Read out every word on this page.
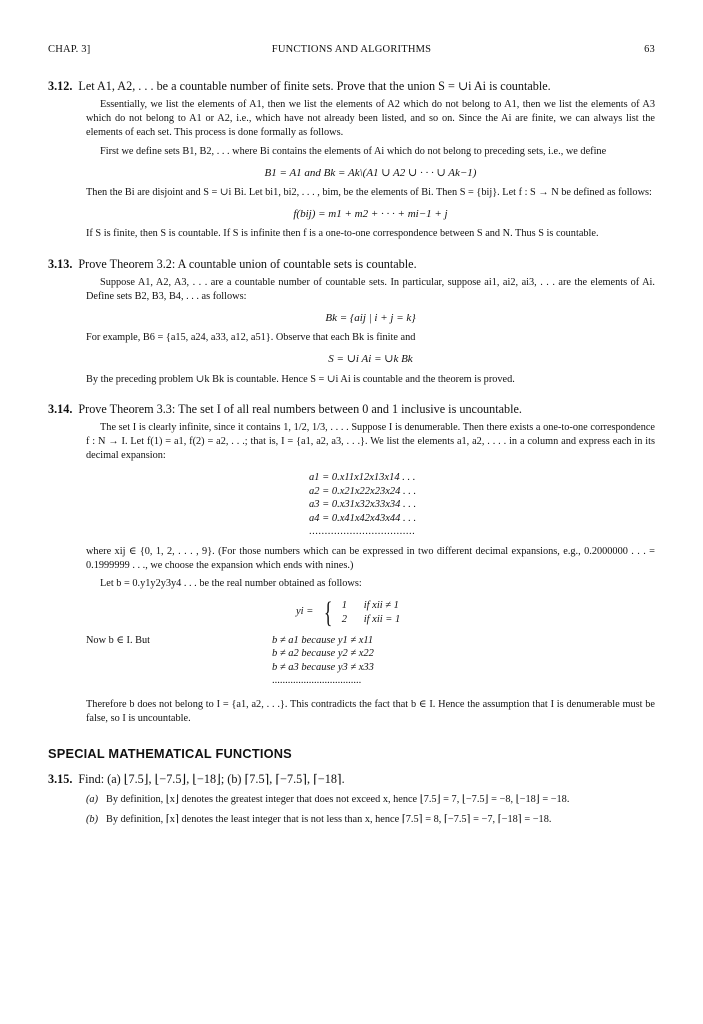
CHAP. 3]	FUNCTIONS AND ALGORITHMS	63
3.12. Let A1, A2, . . . be a countable number of finite sets. Prove that the union S = ∪i Ai is countable.

Essentially, we list the elements of A1, then we list the elements of A2 which do not belong to A1, then we list the elements of A3 which do not belong to A1 or A2, i.e., which have not already been listed, and so on. Since the Ai are finite, we can always list the elements of each set. This process is done formally as follows.

First we define sets B1, B2, . . . where Bi contains the elements of Ai which do not belong to preceding sets, i.e., we define

B1 = A1 and Bk = Ak\(A1 ∪ A2 ∪ · · · ∪ Ak−1)

Then the Bi are disjoint and S = ∪i Bi. Let bi1, bi2, . . . , bim, be the elements of Bi. Then S = {bij}. Let f : S → N be defined as follows:

f(bij) = m1 + m2 + · · · + mi−1 + j

If S is finite, then S is countable. If S is infinite then f is a one-to-one correspondence between S and N. Thus S is countable.

3.13. Prove Theorem 3.2: A countable union of countable sets is countable.

Suppose A1, A2, A3, . . . are a countable number of countable sets. In particular, suppose ai1, ai2, ai3, . . . are the elements of Ai. Define sets B2, B3, B4, . . . as follows:

Bk = {aij | i + j = k}

For example, B6 = {a15, a24, a33, a12, a51}. Observe that each Bk is finite and

S = ∪i Ai = ∪k Bk

By the preceding problem ∪k Bk is countable. Hence S = ∪i Ai is countable and the theorem is proved.

3.14. Prove Theorem 3.3: The set I of all real numbers between 0 and 1 inclusive is uncountable.

The set I is clearly infinite, since it contains 1, 1/2, 1/3, . . . . Suppose I is denumerable. Then there exists a one-to-one correspondence f : N → I. Let f(1) = a1, f(2) = a2, . . .; that is, I = {a1, a2, a3, . . .}. We list the elements a1, a2, . . . . in a column and express each in its decimal expansion:

a1 = 0.x11x12x13x14 . . .
a2 = 0.x21x22x23x24 . . .
a3 = 0.x31x32x33x34 . . .
a4 = 0.x41x42x43x44 . . .
..................................

where xij ∈ {0, 1, 2, . . . , 9}. (For those numbers which can be expressed in two different decimal expansions, e.g., 0.2000000 . . . = 0.1999999 . . ., we choose the expansion which ends with nines.)

Let b = 0.y1y2y3y4 . . . be the real number obtained as follows:

yi = { 1 if xii ≠ 1
2 if xii = 1
Now b ∈ I. But	b ≠ a1 because y1 ≠ x11
b ≠ a2 because y2 ≠ x22
b ≠ a3 because y3 ≠ x33
..................................

Therefore b does not belong to I = {a1, a2, . . .}. This contradicts the fact that b ∈ I. Hence the assumption that I is denumerable must be false, so I is uncountable.

SPECIAL MATHEMATICAL FUNCTIONS
3.15. Find: (a) ⌊7.5⌋, ⌊−7.5⌋, ⌊−18⌋; (b) ⌈7.5⌉, ⌈−7.5⌉, ⌈−18⌉.
(a) By definition, ⌊x⌋ denotes the greatest integer that does not exceed x, hence ⌊7.5⌋ = 7, ⌊−7.5⌋ = −8, ⌊−18⌋ = −18.
(b) By definition, ⌈x⌉ denotes the least integer that is not less than x, hence ⌈7.5⌉ = 8, ⌈−7.5⌉ = −7, ⌈−18⌉ = −18.
